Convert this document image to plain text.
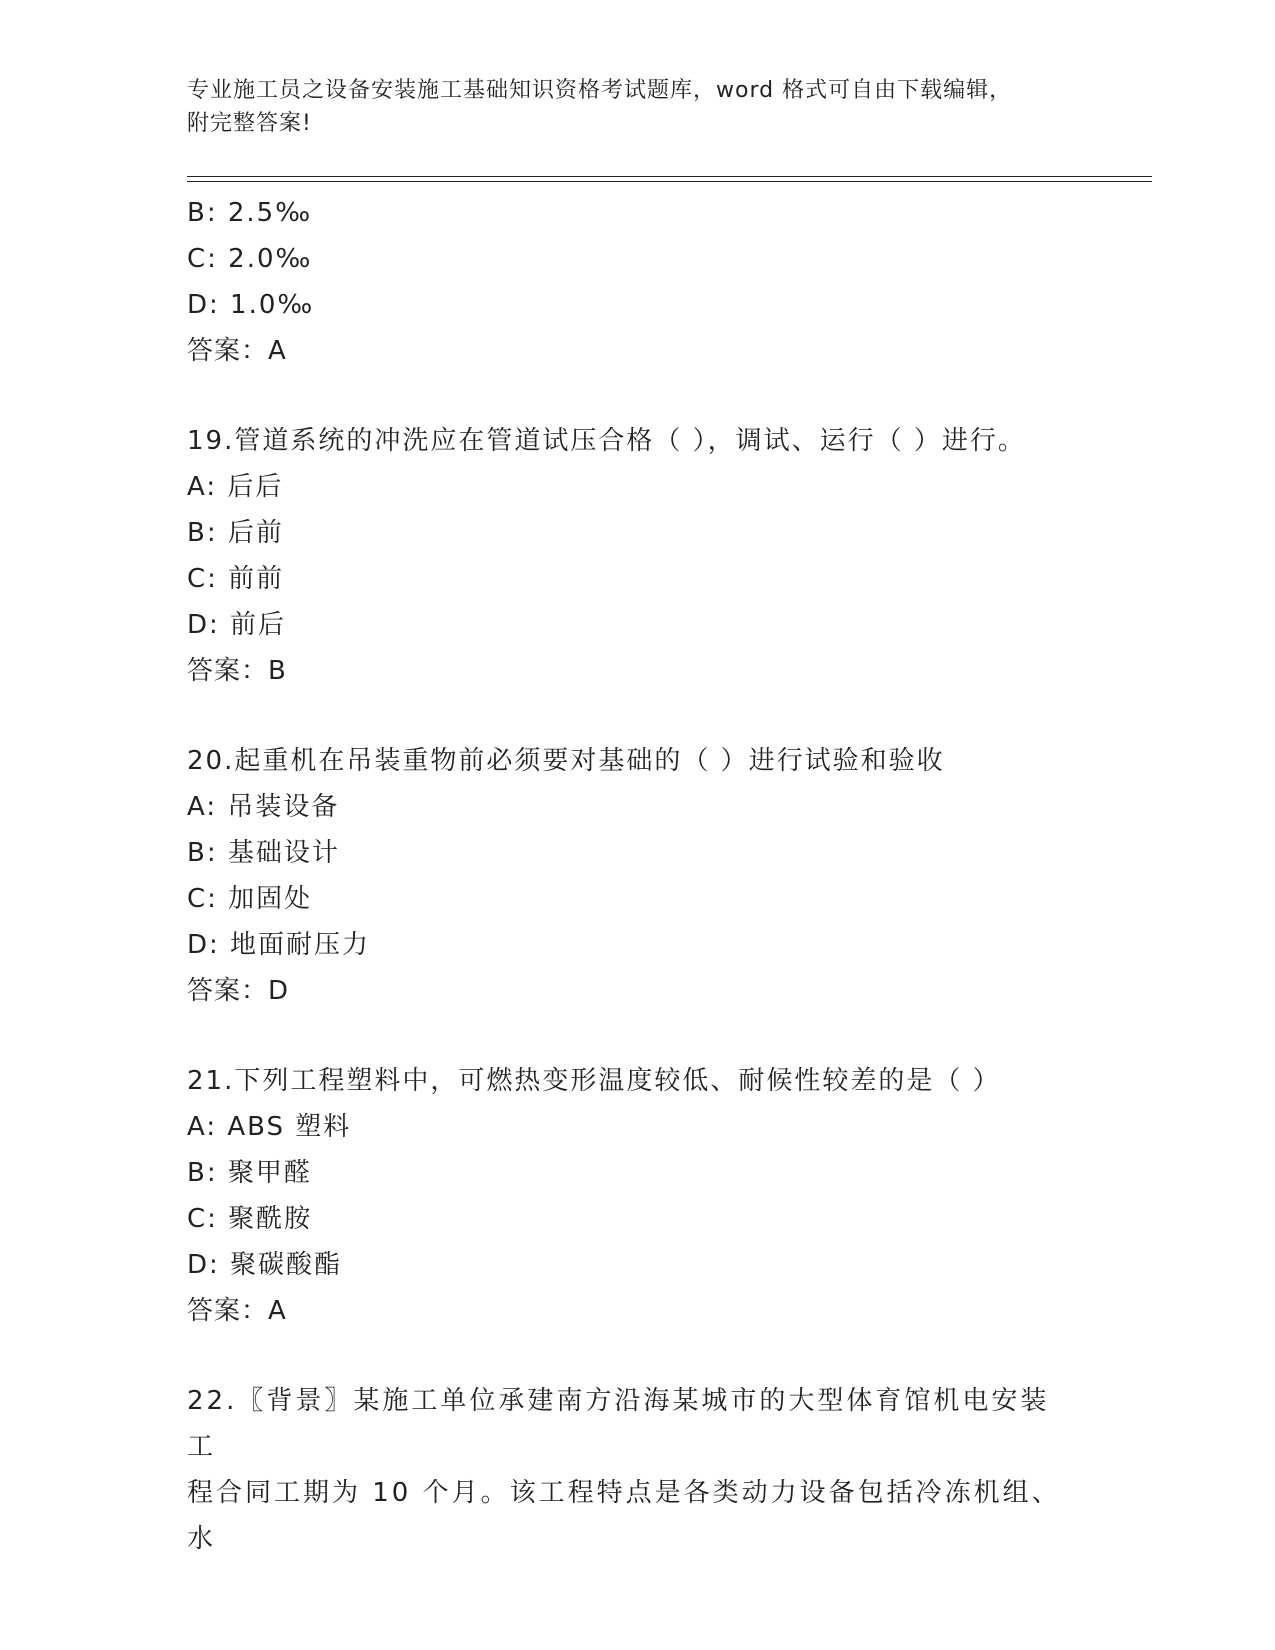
专业施工员之设备安装施工基础知识资格考试题库，word 格式可自由下载编辑，
附完整答案!
B: 2.5‰
C: 2.0‰
D: 1.0‰
答案：A
19.管道系统的冲洗应在管道试压合格（ ），调试、运行（ ）进行。
A: 后后
B: 后前
C: 前前
D: 前后
答案：B
20.起重机在吊装重物前必须要对基础的（ ）进行试验和验收
A: 吊装设备
B: 基础设计
C: 加固处
D: 地面耐压力
答案：D
21.下列工程塑料中，可燃热变形温度较低、耐候性较差的是（ ）
A: ABS 塑料
B: 聚甲醛
C: 聚酰胺
D: 聚碳酸酯
答案：A
22.〖背景〗某施工单位承建南方沿海某城市的大型体育馆机电安装工
程合同工期为 10 个月。该工程特点是各类动力设备包括冷冻机组、水
